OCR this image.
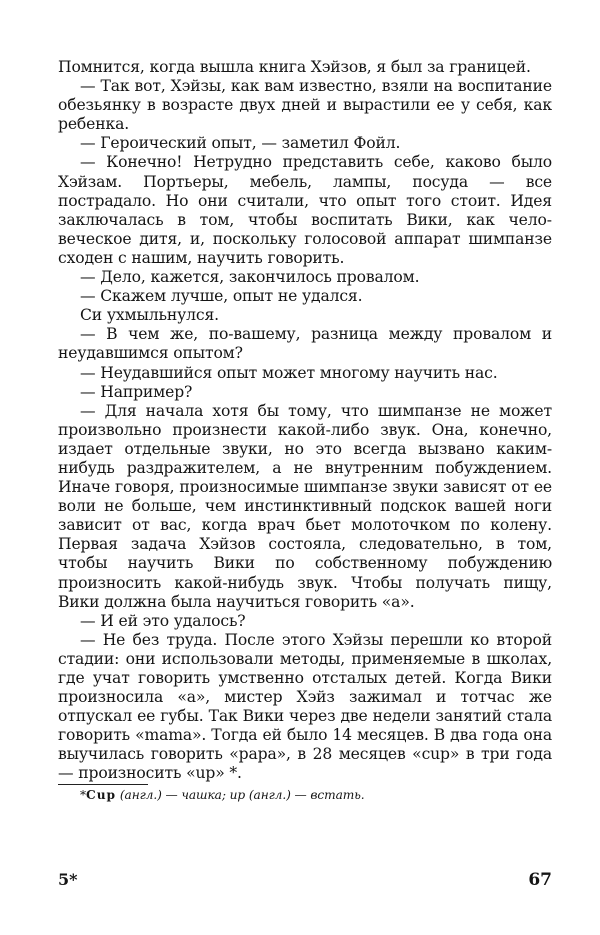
Помнится, когда вышла книга Хэйзов, я был за границей.

— Так вот, Хэйзы, как вам известно, взяли на воспитание обезьянку в возрасте двух дней и вырастили ее у себя, как ребенка.

— Героический опыт, — заметил Фойл.

— Конечно! Нетрудно представить себе, каково было Хэйзам. Портьеры, мебель, лампы, посуда — все пострадало. Но они считали, что опыт того стоит. Идея заключалась в том, чтобы воспитать Вики, как человеческое дитя, и, поскольку голосовой аппарат шимпанзе сходен с нашим, научить говорить.

— Дело, кажется, закончилось провалом.

— Скажем лучше, опыт не удался.

Си ухмыльнулся.

— В чем же, по-вашему, разница между провалом и неудавшимся опытом?

— Неудавшийся опыт может многому научить нас.

— Например?

— Для начала хотя бы тому, что шимпанзе не может произвольно произнести какой-либо звук. Она, конечно, издает отдельные звуки, но это всегда вызвано каким-нибудь раздражителем, а не внутренним побуждением. Иначе говоря, произносимые шимпанзе звуки зависят от ее воли не больше, чем инстинктивный подскок вашей ноги зависит от вас, когда врач бьет молоточком по колену. Первая задача Хэйзов состояла, следовательно, в том, чтобы научить Вики по собственному побуждению произносить какой-нибудь звук. Чтобы получать пищу, Вики должна была научиться говорить «а».

— И ей это удалось?

— Не без труда. После этого Хэйзы перешли ко второй стадии: они использовали методы, применяемые в школах, где учат говорить умственно отсталых детей. Когда Вики произносила «а», мистер Хэйз зажимал и тотчас же отпускал ее губы. Так Вики через две недели занятий стала говорить «mama». Тогда ей было 14 месяцев. В два года она выучилась говорить «рара», в 28 месяцев «cup» в три года — произносить «up» *.

*Cup (англ.) — чашка; up (англ.) — встать.

5*	67
